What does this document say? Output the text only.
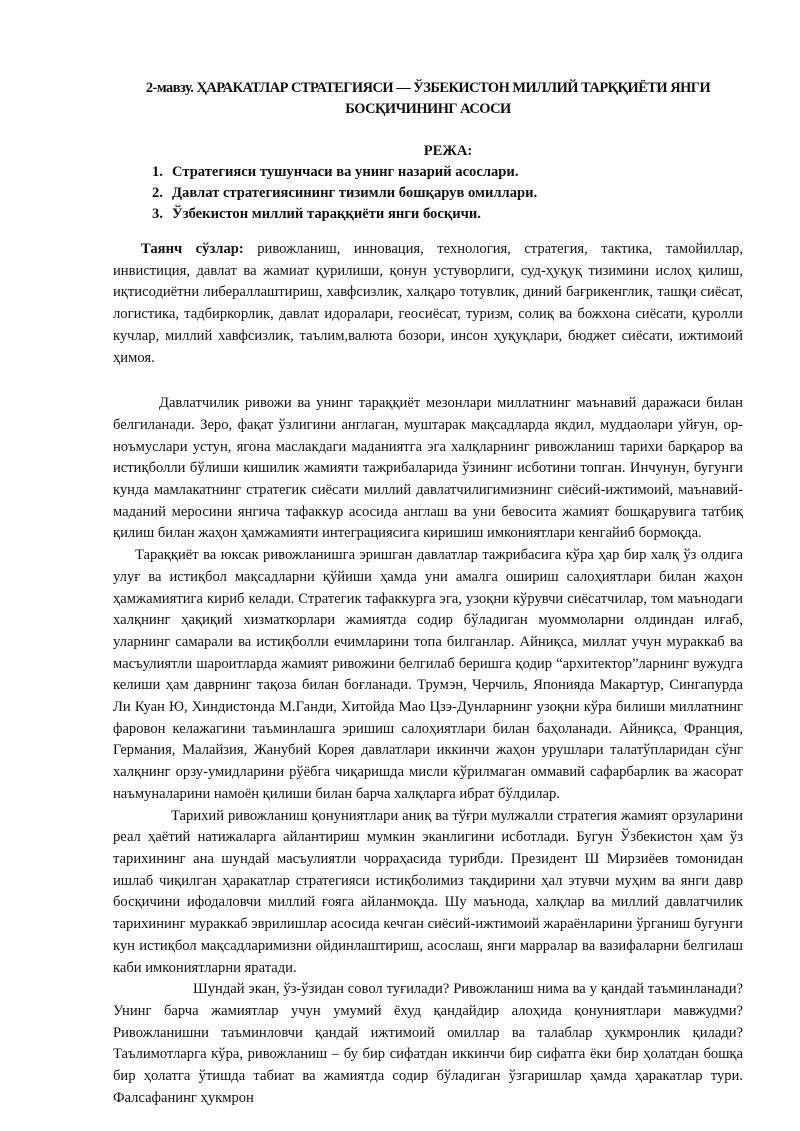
2-мавзу. ҲАРАКАТЛАР СТРАТЕГИЯСИ — ЎЗБЕКИСТОН МИЛЛИЙ ТАРҚҚИЁТИ ЯНГИ
БОСҚИЧИНИНГ АСОСИ

РЕЖА:
1. Стратегияси тушунчаси ва унинг назарий асослари.
2. Давлат стратегиясининг тизимли бошқарув омиллари.
3. Ўзбекистон миллий тараққиёти янги босқичи.

Таянч сўзлар: ривожланиш, инновация, технология, стратегия, тактика, тамойиллар, инвистиция, давлат ва жамиат қурилиши, қонун устуворлиги, суд-ҳуқуқ тизимини ислоҳ қилиш, иқтисодиётни либераллаштириш, хавфсизлик, халқаро тотувлик, диний бағрикенглик, ташқи сиёсат, логистика, тадбиркорлик, давлат идоралари, геосиёсат, туризм, солиқ ва божхона сиёсати, қуролли кучлар, миллий хавфсизлик, таълим,валюта бозори, инсон ҳуқуқлари, бюджет сиёсати, ижтимоий ҳимоя.

Давлатчилик ривожи ва унинг тараққиёт мезонлари миллатнинг маънавий даражаси билан белгиланади. Зеро, фақат ўзлигини англаган, муштарак мақсадларда якдил, муддаолари уйғун, ор-ноъмуслари устун, ягона маслакдаги маданиятга эга халқларнинг ривожланиш тарихи барқарор ва истиқболли бўлиши кишилик жамияти тажрибаларида ўзининг исботини топган. Инчунун, бугунги кунда мамлакатнинг стратегик сиёсати миллий давлатчилигимизнинг сиёсий-ижтимоий, маънавий-маданий меросини янгича тафаккур асосида англаш ва уни бевосита жамият бошқарувига татбиқ қилиш билан жаҳон ҳамжамияти интеграциясига киришиш имкониятлари кенгайиб бормоқда.

Тараққиёт ва юксак ривожланишга эришган давлатлар тажрибасига кўра ҳар бир халқ ўз олдига улуғ ва истиқбол мақсадларни қўйиши ҳамда уни амалга ошириш салоҳиятлари билан жаҳон ҳамжамиятига кириб келади. Стратегик тафаккурга эга, узоқни кўрувчи сиёсатчилар, том маънодаги халқнинг ҳақиқий хизматкорлари жамиятда содир бўладиган муоммоларни олдиндан илғаб, уларнинг самарали ва истиқболли ечимларини топа билганлар. Айниқса, миллат учун мураккаб ва масъулиятли шароитларда жамият ривожини белгилаб беришга қодир “архитектор”ларнинг вужудга келиши ҳам даврнинг тақоза билан боғланади. Трумэн, Черчиль, Японияда Макартур, Сингапурда Ли Куан Ю, Хиндистонда М.Ганди, Хитойда Мао Цзэ-Дунларнинг узоқни кўра билиши миллатнинг фаровон келажагини таъминлашга эришиш салоҳиятлари билан баҳоланади. Айниқса, Франция, Германия, Малайзия, Жанубий Корея давлатлари иккинчи жаҳон урушлари талатўпларидан сўнг халқнинг орзу-умидларини рўёбга чиқаришда мисли кўрилмаган оммавий сафарбарлик ва жасорат наъмуналарини намоён қилиши билан барча халқларга ибрат бўлдилар.

Тарихий ривожланиш қонуниятлари аниқ ва тўғри мулжалли стратегия жамият орзуларини реал ҳаётий натижаларга айлантириш мумкин эканлигини исботлади. Бугун Ўзбекистон ҳам ўз тарихининг ана шундай масъулиятли чорраҳасида турибди. Президент Ш Мирзиёев томонидан ишлаб чиқилган ҳаракатлар стратегияси истиқболимиз тақдирини ҳал этувчи муҳим ва янги давр босқичини ифодаловчи миллий ғояга айланмоқда. Шу маънода, халқлар ва миллий давлатчилик тарихининг мураккаб эврилишлар асосида кечган сиёсий-ижтимоий жараёнларини ўрганиш бугунги кун истиқбол мақсадларимизни ойдинлаштириш, асослаш, янги марралар ва вазифаларни белгилаш каби имкониятларни яратади.

Шундай экан, ўз-ўзидан совол туғилади? Ривожланиш нима ва у қандай таъминланади? Унинг барча жамиятлар учун умумий ёхуд қандайдир алоҳида қонуниятлари мавжудми? Ривожланишни таъминловчи қандай ижтимоий омиллар ва талаблар ҳукмронлик қилади? Таълимотларга кўра, ривожланиш – бу бир сифатдан иккинчи бир сифатга ёки бир ҳолатдан бошқа бир ҳолатга ўтишда табиат ва жамиятда содир бўладиган ўзгаришлар ҳамда ҳаракатлар тури. Фалсафанинг ҳукмрон
